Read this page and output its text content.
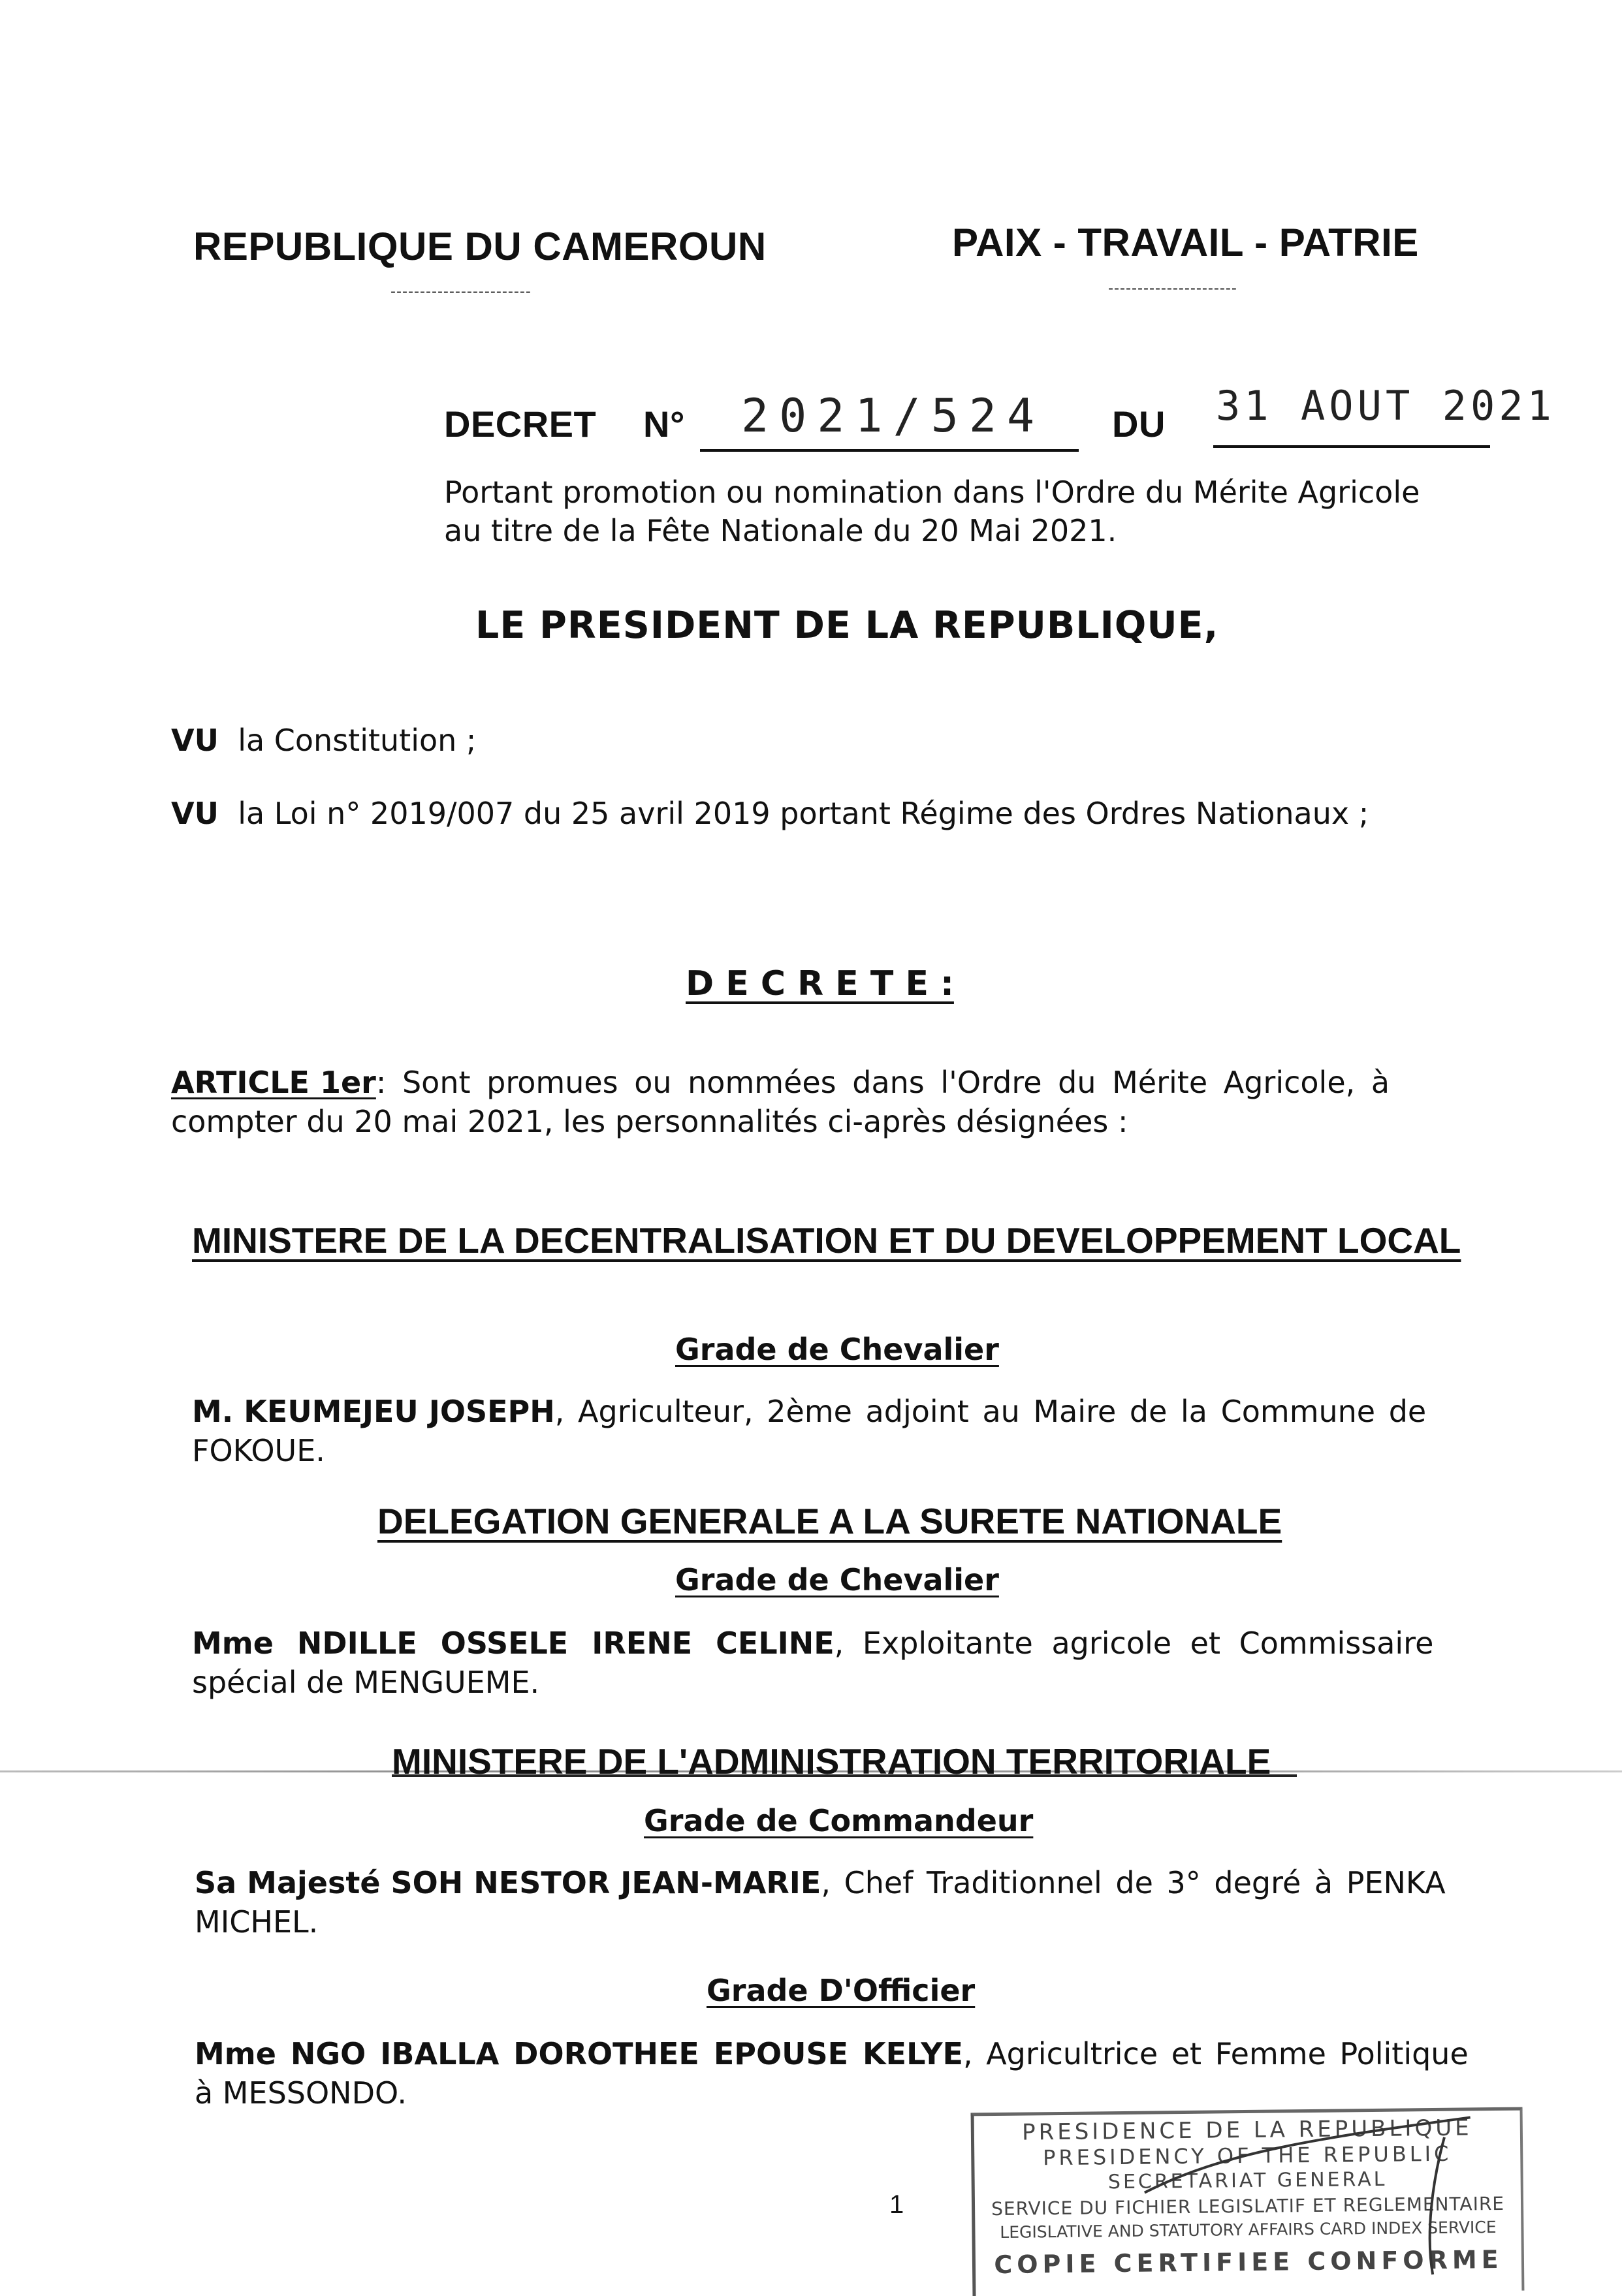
REPUBLIQUE DU CAMEROUN
------------------------
PAIX - TRAVAIL - PATRIE
----------------------
DECRET N° 2021/524 DU 31 AOUT 2021
Portant promotion ou nomination dans l'Ordre du Mérite Agricole
au titre de la Fête Nationale du 20 Mai 2021.
LE PRESIDENT DE LA REPUBLIQUE,
VU la Constitution ;
VU la Loi n° 2019/007 du 25 avril 2019 portant Régime des Ordres Nationaux ;
D E C R E T E :
ARTICLE 1er: Sont promues ou nommées dans l'Ordre du Mérite Agricole, à
compter du 20 mai 2021, les personnalités ci-après désignées :
MINISTERE DE LA DECENTRALISATION ET DU DEVELOPPEMENT LOCAL
Grade de Chevalier
M. KEUMEJEU JOSEPH, Agriculteur, 2ème adjoint au Maire de la Commune de
FOKOUE.
DELEGATION GENERALE A LA SURETE NATIONALE
Grade de Chevalier
Mme NDILLE OSSELE IRENE CELINE, Exploitante agricole et Commissaire
spécial de MENGUEME.
MINISTERE DE L'ADMINISTRATION TERRITORIALE
Grade de Commandeur
Sa Majesté SOH NESTOR JEAN-MARIE, Chef Traditionnel de 3° degré à PENKA
MICHEL.
Grade D'Officier
Mme NGO IBALLA DOROTHEE EPOUSE KELYE, Agricultrice et Femme Politique
à MESSONDO.
1
PRESIDENCE DE LA REPUBLIQUE
PRESIDENCY OF THE REPUBLIC
SECRETARIAT GENERAL
SERVICE DU FICHIER LEGISLATIF ET REGLEMENTAIRE
LEGISLATIVE AND STATUTORY AFFAIRS CARD INDEX SERVICE
COPIE CERTIFIEE CONFORME
